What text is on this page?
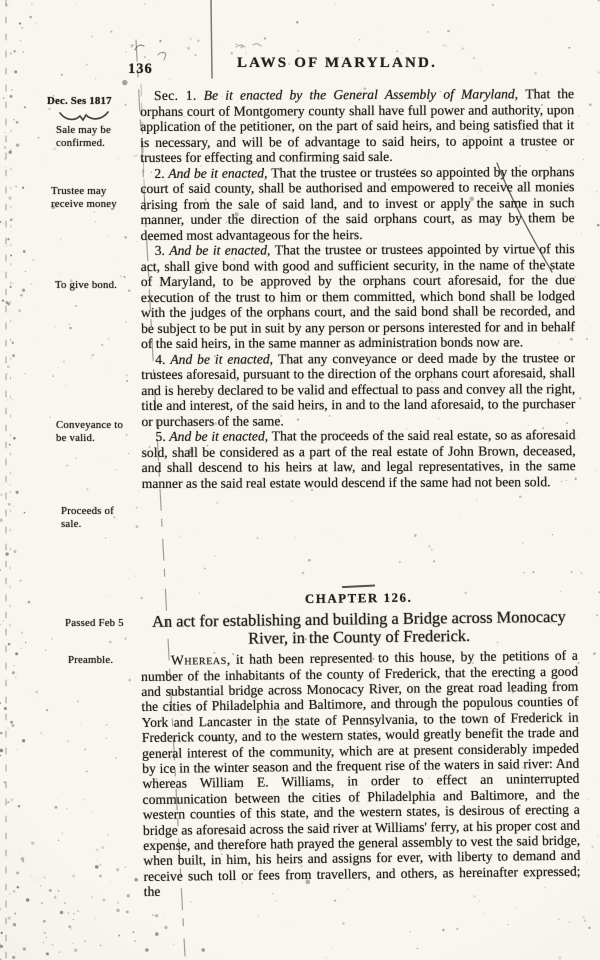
136	LAWS OF MARYLAND.
Dec. Ses 1817
Sale may be confirmed.
Trustee may receive money
To give bond.
Conveyance to be valid.
Proceeds of sale.
Passed Feb 5
Preamble.

Sec. 1. Be it enacted by the General Assembly of Maryland, That the orphans court of Montgomery county shall have full power and authority, upon application of the petitioner, on the part of said heirs, and being satisfied that it is necessary, and will be of advantage to said heirs, to appoint a trustee or trustees for effecting and confirming said sale.

2. And be it enacted, That the trustee or trustees so appointed by the orphans court of said county, shall be authorised and empowered to receive all monies arising from the sale of said land, and to invest or apply the same in such manner, under the direction of the said orphans court, as may by them be deemed most advantageous for the heirs.

3. And be it enacted, That the trustee or trustees appointed by virtue of this act, shall give bond with good and sufficient security, in the name of the state of Maryland, to be approved by the orphans court aforesaid, for the due execution of the trust to him or them committed, which bond shall be lodged with the judges of the orphans court, and the said bond shall be recorded, and be subject to be put in suit by any person or persons interested for and in behalf of the said heirs, in the same manner as administration bonds now are.

4. And be it enacted, That any conveyance or deed made by the trustee or trustees aforesaid, pursuant to the direction of the orphans court aforesaid, shall and is hereby declared to be valid and effectual to pass and convey all the right, title and interest, of the said heirs, in and to the land aforesaid, to the purchaser or purchasers of the same.

5. And be it enacted, That the proceeds of the said real estate, so as aforesaid sold, shall be considered as a part of the real estate of John Brown, deceased, and shall descend to his heirs at law, and legal representatives, in the same manner as the said real estate would descend if the same had not been sold.

CHAPTER 126.
An act for establishing and building a Bridge across Monocacy River, in the County of Frederick.

Whereas, it hath been represented to this house, by the petitions of a number of the inhabitants of the county of Frederick, that the erecting a good and substantial bridge across Monocacy River, on the great road leading from the cities of Philadelphia and Baltimore, and through the populous counties of York and Lancaster in the state of Pennsylvania, to the town of Frederick in Frederick county, and to the western states, would greatly benefit the trade and general interest of the community, which are at present considerably impeded by ice in the winter season and the frequent rise of the waters in said river: And whereas William E. Williams, in order to effect an uninterrupted communication between the cities of Philadelphia and Baltimore, and the western counties of this state, and the western states, is desirous of erecting a bridge as aforesaid across the said river at Williams' ferry, at his proper cost and expense, and therefore hath prayed the general assembly to vest the said bridge, when built, in him, his heirs and assigns for ever, with liberty to demand and receive such toll or fees from travellers, and others, as hereinafter expressed; the
